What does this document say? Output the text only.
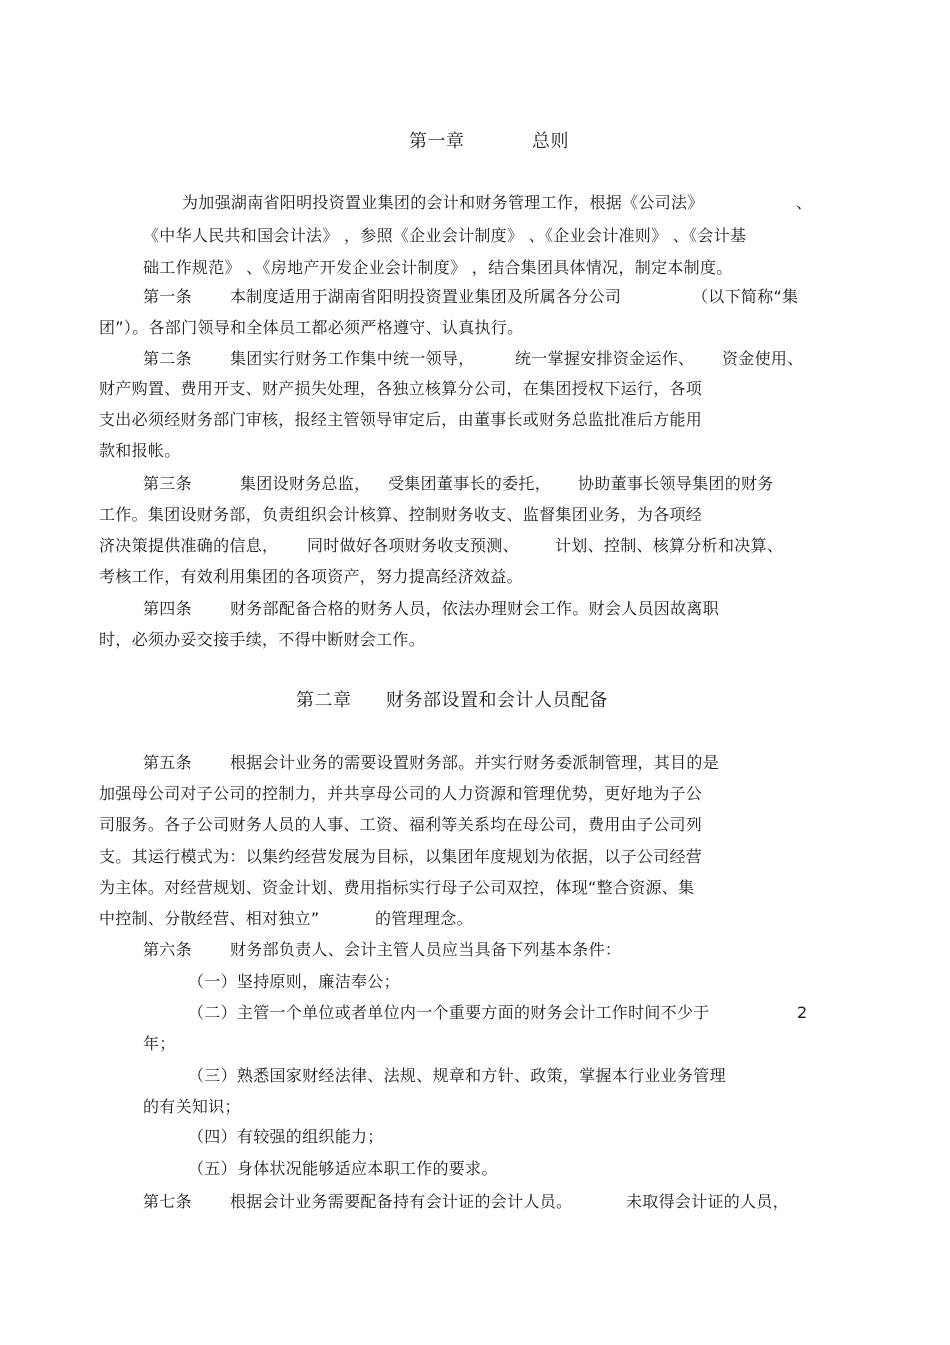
第一章	总则
为加强湖南省阳明投资置业集团的会计和财务管理工作，根据《公司法》	、
《中华人民共和国会计法》 ，参照《企业会计制度》 、《企业会计准则》 、《会计基
础工作规范》 、《房地产开发企业会计制度》 ，结合集团具体情况，制定本制度。
第一条 本制度适用于湖南省阳明投资置业集团及所属各分公司	（以下简称“集
团”）。各部门领导和全体员工都必须严格遵守、认真执行。
第二条 集团实行财务工作集中统一领导，	统一掌握安排资金运作、 资金使用、
财产购置、费用开支、财产损失处理，各独立核算分公司，在集团授权下运行，各项
支出必须经财务部门审核，报经主管领导审定后，由董事长或财务总监批准后方能用
款和报帐。
第三条	集团设财务总监， 受集团董事长的委托， 协助董事长领导集团的财务
工作。集团设财务部，负责组织会计核算、控制财务收支、监督集团业务，为各项经
济决策提供准确的信息， 同时做好各项财务收支预测、 计划、控制、核算分析和决算、
考核工作，有效利用集团的各项资产，努力提高经济效益。
第四条 财务部配备合格的财务人员，依法办理财会工作。财会人员因故离职
时，必须办妥交接手续，不得中断财会工作。
第二章 财务部设置和会计人员配备
第五条 根据会计业务的需要设置财务部。并实行财务委派制管理，其目的是
加强母公司对子公司的控制力，并共享母公司的人力资源和管理优势，更好地为子公
司服务。各子公司财务人员的人事、工资、福利等关系均在母公司，费用由子公司列
支。其运行模式为：以集约经营发展为目标，以集团年度规划为依据，以子公司经营
为主体。对经营规划、资金计划、费用指标实行母子公司双控，体现“整合资源、集
中控制、分散经营、相对独立”	的管理理念。
第六条 财务部负责人、会计主管人员应当具备下列基本条件：
（一）坚持原则，廉洁奉公；
（二）主管一个单位或者单位内一个重要方面的财务会计工作时间不少于	2
年；
（三）熟悉国家财经法律、法规、规章和方针、政策，掌握本行业业务管理
的有关知识；
（四）有较强的组织能力；
（五）身体状况能够适应本职工作的要求。
第七条 根据会计业务需要配备持有会计证的会计人员。	未取得会计证的人员，
